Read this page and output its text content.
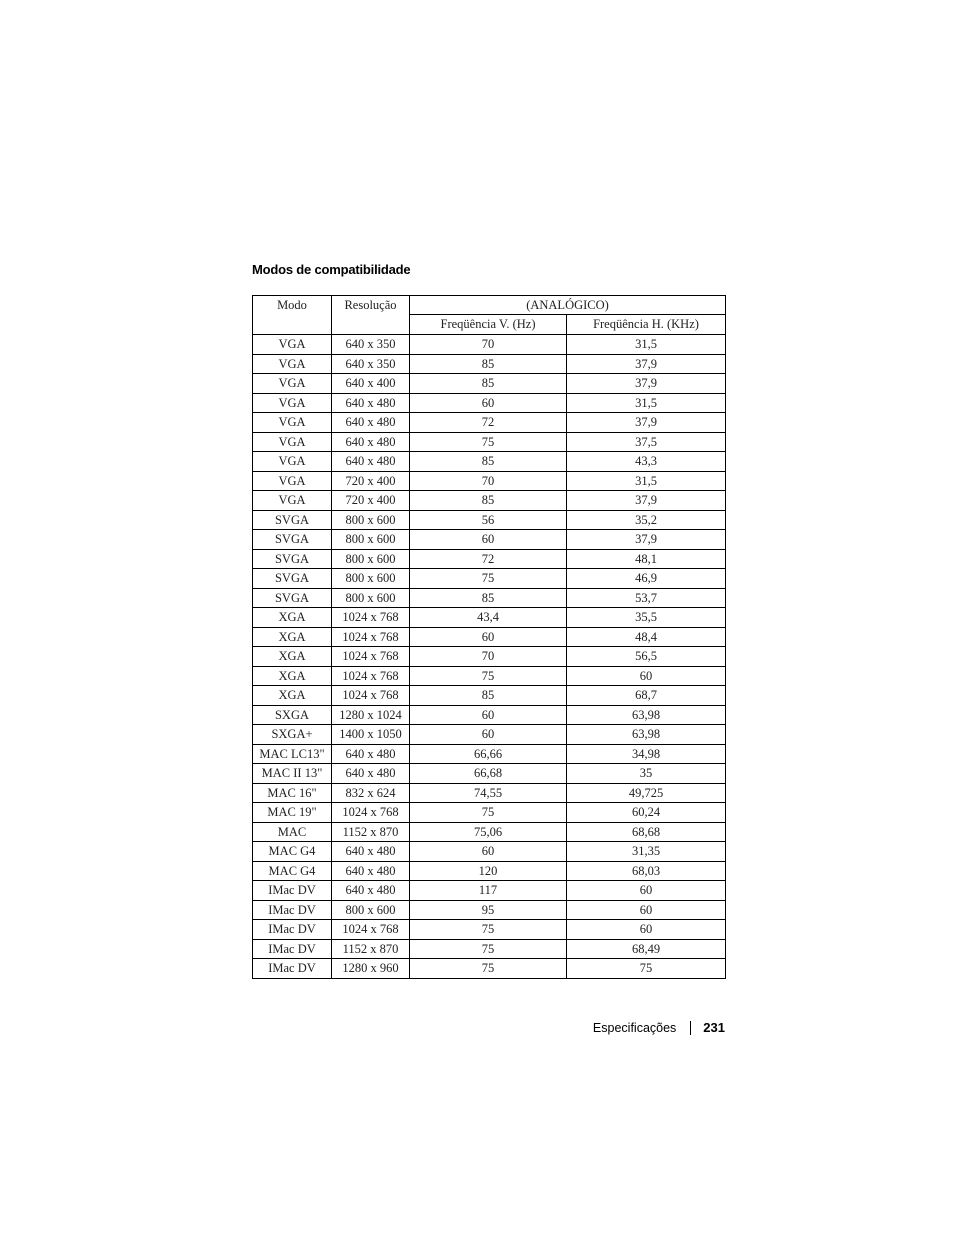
Modos de compatibilidade
Modo	Resolução	(ANALÓGICO)	
		Freqüência V. (Hz)	Freqüência H. (KHz)
VGA	640 x 350	70	31,5
VGA	640 x 350	85	37,9
VGA	640 x 400	85	37,9
VGA	640 x 480	60	31,5
VGA	640 x 480	72	37,9
VGA	640 x 480	75	37,5
VGA	640 x 480	85	43,3
VGA	720 x 400	70	31,5
VGA	720 x 400	85	37,9
SVGA	800 x 600	56	35,2
SVGA	800 x 600	60	37,9
SVGA	800 x 600	72	48,1
SVGA	800 x 600	75	46,9
SVGA	800 x 600	85	53,7
XGA	1024 x 768	43,4	35,5
XGA	1024 x 768	60	48,4
XGA	1024 x 768	70	56,5
XGA	1024 x 768	75	60
XGA	1024 x 768	85	68,7
SXGA	1280 x 1024	60	63,98
SXGA+	1400 x 1050	60	63,98
MAC LC13"	640 x 480	66,66	34,98
MAC II 13"	640 x 480	66,68	35
MAC 16"	832 x 624	74,55	49,725
MAC 19"	1024 x 768	75	60,24
MAC	1152 x 870	75,06	68,68
MAC G4	640 x 480	60	31,35
MAC G4	640 x 480	120	68,03
IMac DV	640 x 480	117	60
IMac DV	800 x 600	95	60
IMac DV	1024 x 768	75	60
IMac DV	1152 x 870	75	68,49
IMac DV	1280 x 960	75	75
Especificações 231
